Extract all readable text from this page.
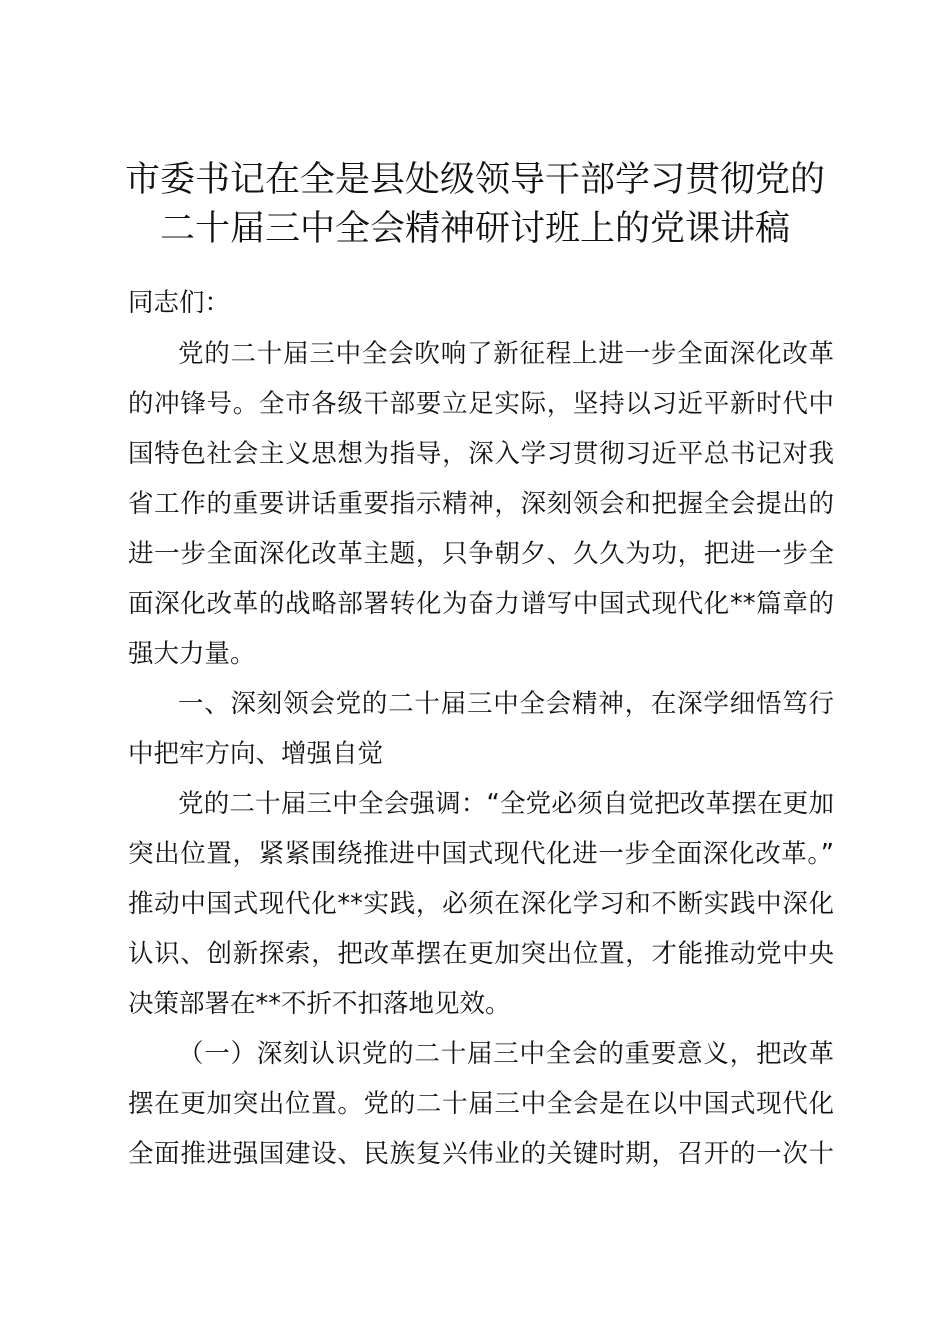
市委书记在全是县处级领导干部学习贯彻党的
二十届三中全会精神研讨班上的党课讲稿
同志们：
党的二十届三中全会吹响了新征程上进一步全面深化改革
的冲锋号。全市各级干部要立足实际，坚持以习近平新时代中
国特色社会主义思想为指导，深入学习贯彻习近平总书记对我
省工作的重要讲话重要指示精神，深刻领会和把握全会提出的
进一步全面深化改革主题，只争朝夕、久久为功，把进一步全
面深化改革的战略部署转化为奋力谱写中国式现代化**篇章的
强大力量。
一、深刻领会党的二十届三中全会精神，在深学细悟笃行
中把牢方向、增强自觉
党的二十届三中全会强调：“全党必须自觉把改革摆在更加
突出位置，紧紧围绕推进中国式现代化进一步全面深化改革。”
推动中国式现代化**实践，必须在深化学习和不断实践中深化
认识、创新探索，把改革摆在更加突出位置，才能推动党中央
决策部署在**不折不扣落地见效。
（一）深刻认识党的二十届三中全会的重要意义，把改革
摆在更加突出位置。党的二十届三中全会是在以中国式现代化
全面推进强国建设、民族复兴伟业的关键时期，召开的一次十
